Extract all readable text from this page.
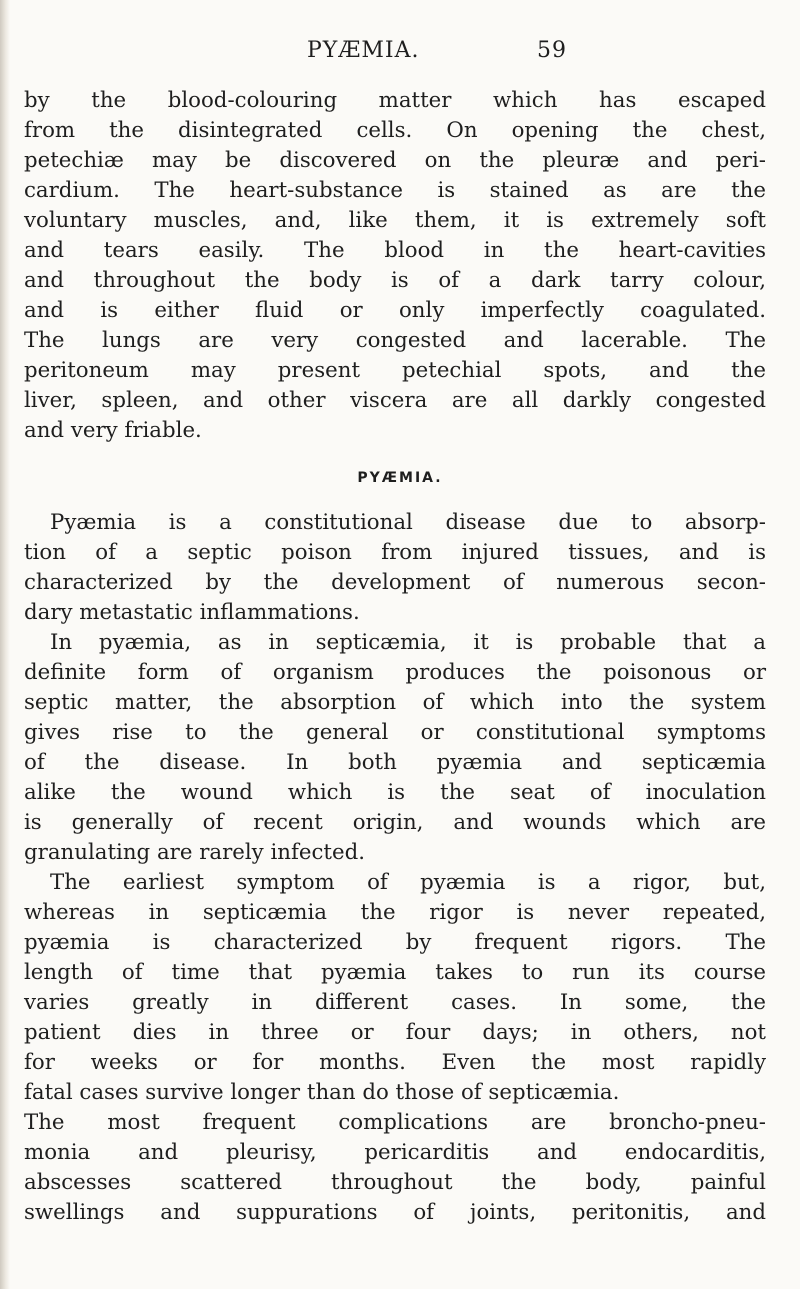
PYÆMIA.	59
by the blood-colouring matter which has escaped
from the disintegrated cells. On opening the chest,
petechiæ may be discovered on the pleuræ and peri-
cardium. The heart-substance is stained as are the
voluntary muscles, and, like them, it is extremely soft
and tears easily. The blood in the heart-cavities
and throughout the body is of a dark tarry colour,
and is either fluid or only imperfectly coagulated.
The lungs are very congested and lacerable. The
peritoneum may present petechial spots, and the
liver, spleen, and other viscera are all darkly congested
and very friable.
PYÆMIA.
Pyæmia is a constitutional disease due to absorp-
tion of a septic poison from injured tissues, and is
characterized by the development of numerous secon-
dary metastatic inflammations.
In pyæmia, as in septicæmia, it is probable that a
definite form of organism produces the poisonous or
septic matter, the absorption of which into the system
gives rise to the general or constitutional symptoms
of the disease. In both pyæmia and septicæmia
alike the wound which is the seat of inoculation
is generally of recent origin, and wounds which are
granulating are rarely infected.
The earliest symptom of pyæmia is a rigor, but,
whereas in septicæmia the rigor is never repeated,
pyæmia is characterized by frequent rigors. The
length of time that pyæmia takes to run its course
varies greatly in different cases. In some, the
patient dies in three or four days; in others, not
for weeks or for months. Even the most rapidly
fatal cases survive longer than do those of septicæmia.
The most frequent complications are broncho-pneu-
monia and pleurisy, pericarditis and endocarditis,
abscesses scattered throughout the body, painful
swellings and suppurations of joints, peritonitis, and
